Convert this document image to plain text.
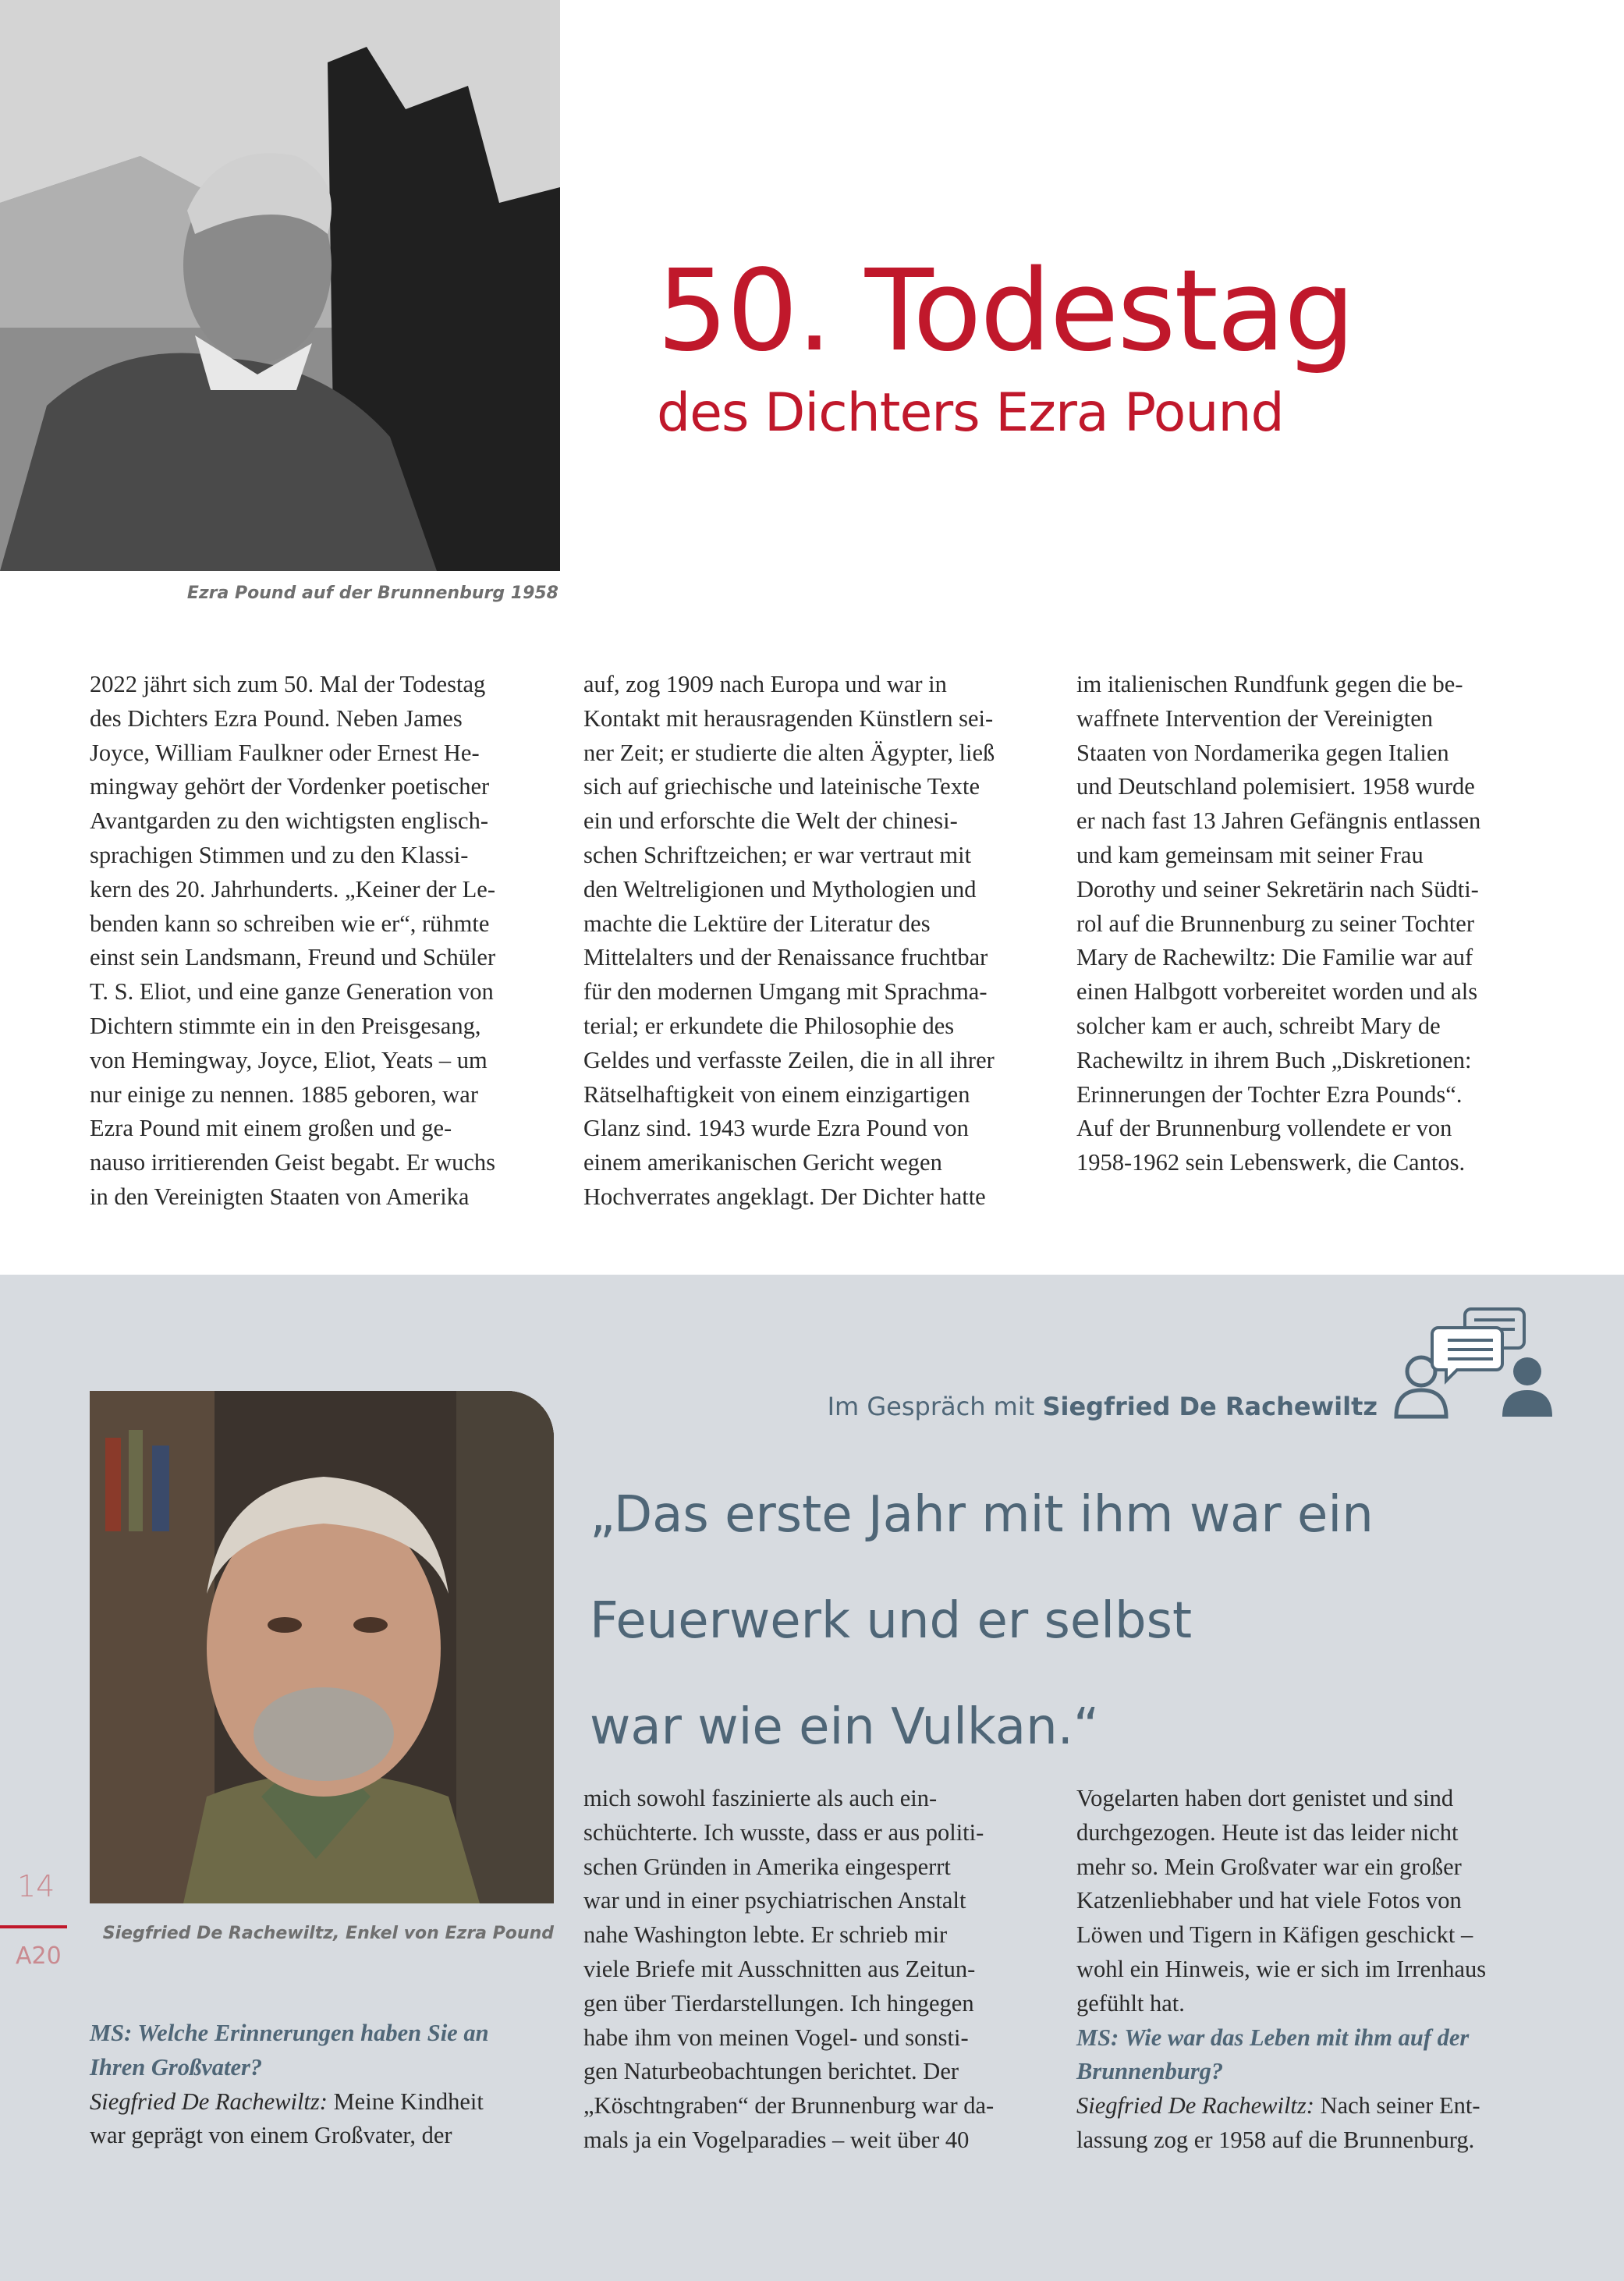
Ezra Pound auf der Brunnenburg 1958
50. Todestag
des Dichters Ezra Pound

2022 jährt sich zum 50. Mal der Todestag

des Dichters Ezra Pound. Neben James

Joyce, William Faulkner oder Ernest He-

mingway gehört der Vordenker poetischer

Avantgarden zu den wichtigsten englisch-

sprachigen Stimmen und zu den Klassi-

kern des 20. Jahrhunderts. „Keiner der Le-

benden kann so schreiben wie er“, rühmte

einst sein Landsmann, Freund und Schüler

T. S. Eliot, und eine ganze Generation von

Dichtern stimmte ein in den Preisgesang,

von Hemingway, Joyce, Eliot, Yeats – um

nur einige zu nennen. 1885 geboren, war

Ezra Pound mit einem großen und ge-

nauso irritierenden Geist begabt. Er wuchs

in den Vereinigten Staaten von Amerika

auf, zog 1909 nach Europa und war in

Kontakt mit herausragenden Künstlern sei-

ner Zeit; er studierte die alten Ägypter, ließ

sich auf griechische und lateinische Texte

ein und erforschte die Welt der chinesi-

schen Schriftzeichen; er war vertraut mit

den Weltreligionen und Mythologien und

machte die Lektüre der Literatur des

Mittelalters und der Renaissance fruchtbar

für den modernen Umgang mit Sprachma-

terial; er erkundete die Philosophie des

Geldes und verfasste Zeilen, die in all ihrer

Rätselhaftigkeit von einem einzigartigen

Glanz sind. 1943 wurde Ezra Pound von

einem amerikanischen Gericht wegen

Hochverrates angeklagt. Der Dichter hatte

im italienischen Rundfunk gegen die be-

waffnete Intervention der Vereinigten

Staaten von Nordamerika gegen Italien

und Deutschland polemisiert. 1958 wurde

er nach fast 13 Jahren Gefängnis entlassen

und kam gemeinsam mit seiner Frau

Dorothy und seiner Sekretärin nach Südti-

rol auf die Brunnenburg zu seiner Tochter

Mary de Rachewiltz: Die Familie war auf

einen Halbgott vorbereitet worden und als

solcher kam er auch, schreibt Mary de

Rachewiltz in ihrem Buch „Diskretionen:

Erinnerungen der Tochter Ezra Pounds“.

Auf der Brunnenburg vollendete er von

1958-1962 sein Lebenswerk, die Cantos.

Im Gespräch mit Siegfried De Rachewiltz
„Das erste Jahr mit ihm war ein
Feuerwerk und er selbst
war wie ein Vulkan.“
Siegfried De Rachewiltz, Enkel von Ezra Pound

MS: Welche Erinnerungen haben Sie an

Ihren Großvater?

Siegfried De Rachewiltz: Meine Kindheit

war geprägt von einem Großvater, der

mich sowohl faszinierte als auch ein-

schüchterte. Ich wusste, dass er aus politi-

schen Gründen in Amerika eingesperrt

war und in einer psychiatrischen Anstalt

nahe Washington lebte. Er schrieb mir

viele Briefe mit Ausschnitten aus Zeitun-

gen über Tierdarstellungen. Ich hingegen

habe ihm von meinen Vogel- und sonsti-

gen Naturbeobachtungen berichtet. Der

„Köschtngraben“ der Brunnenburg war da-

mals ja ein Vogelparadies – weit über 40

Vogelarten haben dort genistet und sind

durchgezogen. Heute ist das leider nicht

mehr so. Mein Großvater war ein großer

Katzenliebhaber und hat viele Fotos von

Löwen und Tigern in Käfigen geschickt –

wohl ein Hinweis, wie er sich im Irrenhaus

gefühlt hat.

MS: Wie war das Leben mit ihm auf der

Brunnenburg?

Siegfried De Rachewiltz: Nach seiner Ent-

lassung zog er 1958 auf die Brunnenburg.

14
A20
